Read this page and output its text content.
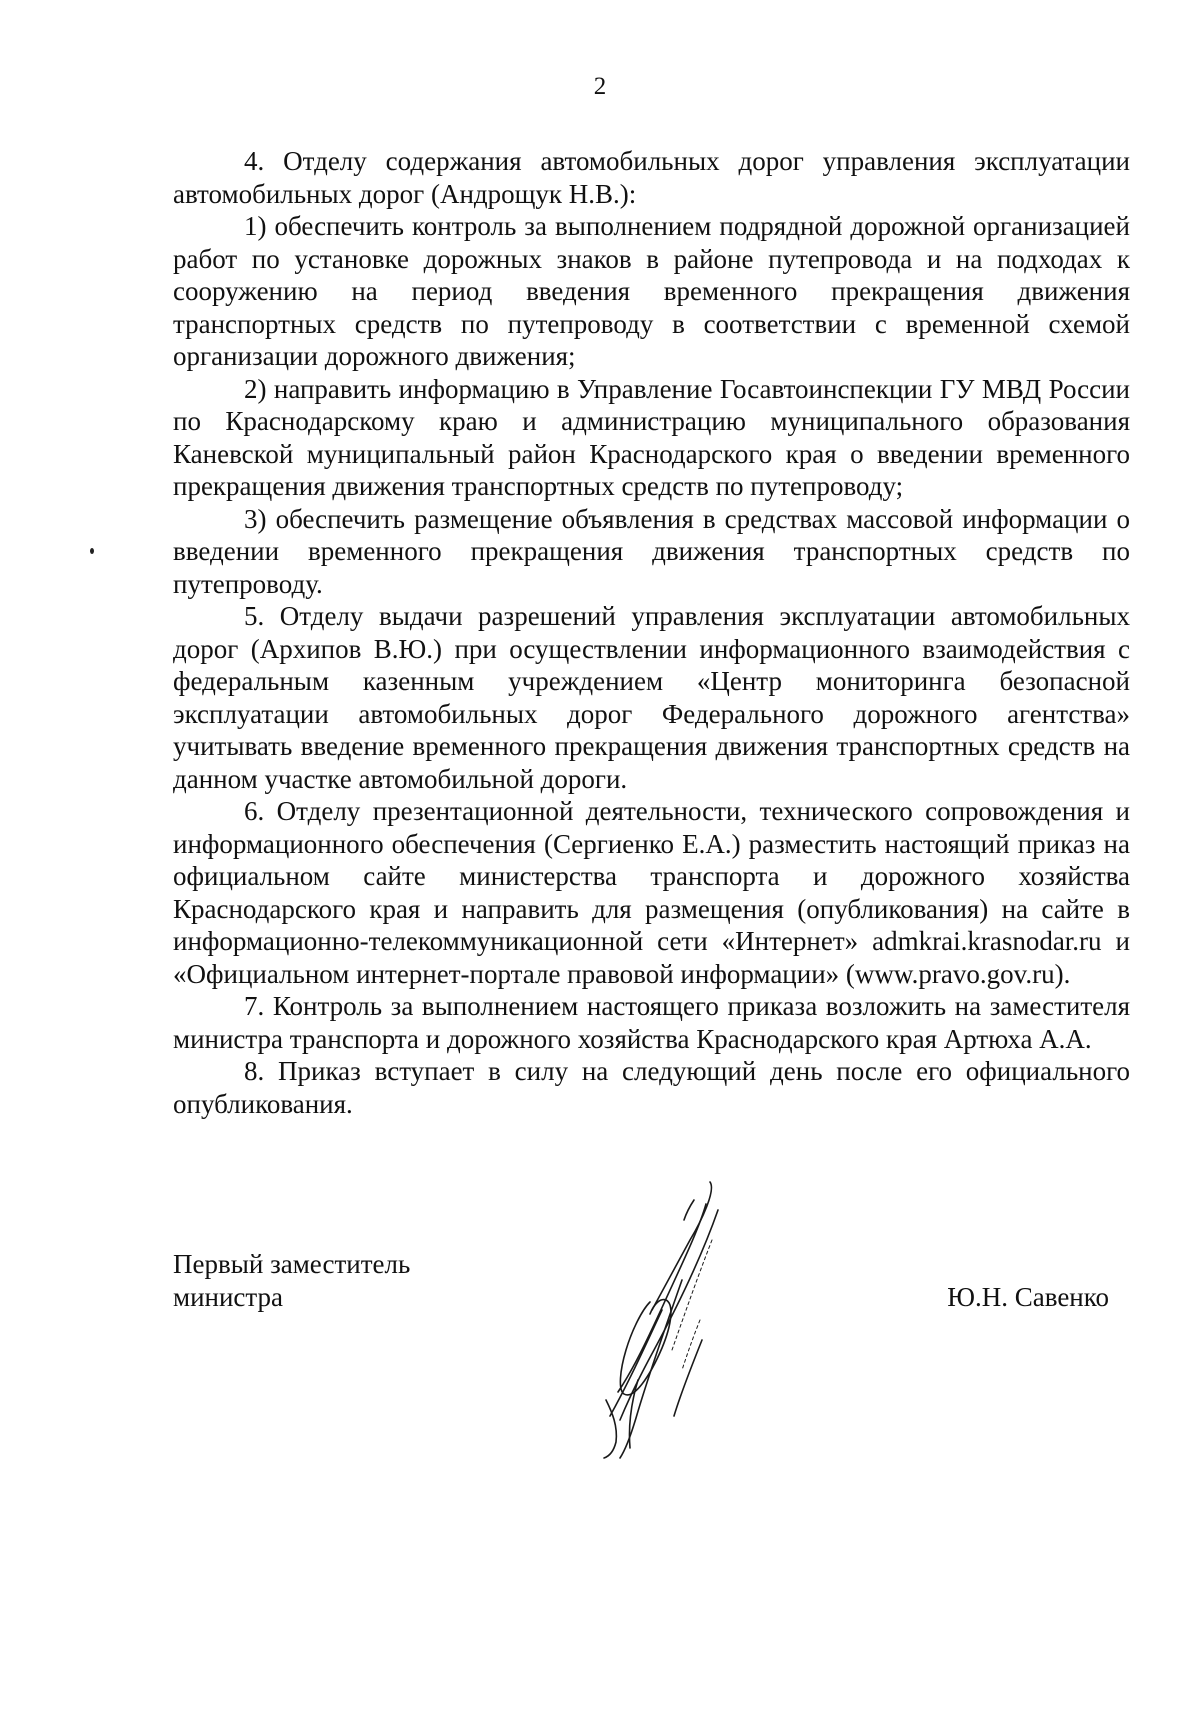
2

4. Отделу содержания автомобильных дорог управления эксплуатации автомобильных дорог (Андрощук Н.В.):

1) обеспечить контроль за выполнением подрядной дорожной организацией работ по установке дорожных знаков в районе путепровода и на подходах к сооружению на период введения временного прекращения движения транспортных средств по путепроводу в соответствии с временной схемой организации дорожного движения;

2) направить информацию в Управление Госавтоинспекции ГУ МВД России по Краснодарскому краю и администрацию муниципального образования Каневской муниципальный район Краснодарского края о введении временного прекращения движения транспортных средств по путепроводу;

3) обеспечить размещение объявления в средствах массовой информации о введении временного прекращения движения транспортных средств по путепроводу.

5. Отделу выдачи разрешений управления эксплуатации автомобильных дорог (Архипов В.Ю.) при осуществлении информационного взаимодействия с федеральным казенным учреждением «Центр мониторинга безопасной эксплуатации автомобильных дорог Федерального дорожного агентства» учитывать введение временного прекращения движения транспортных средств на данном участке автомобильной дороги.

6. Отделу презентационной деятельности, технического сопровождения и информационного обеспечения (Сергиенко Е.А.) разместить настоящий приказ на официальном сайте министерства транспорта и дорожного хозяйства Краснодарского края и направить для размещения (опубликования) на сайте в информационно-телекоммуникационной сети «Интернет» admkrai.krasnodar.ru и «Официальном интернет-портале правовой информации» (www.pravo.gov.ru).

7. Контроль за выполнением настоящего приказа возложить на заместителя министра транспорта и дорожного хозяйства Краснодарского края Артюха А.А.

8. Приказ вступает в силу на следующий день после его официального опубликования.

Первый заместитель
министра	Ю.Н. Савенко
